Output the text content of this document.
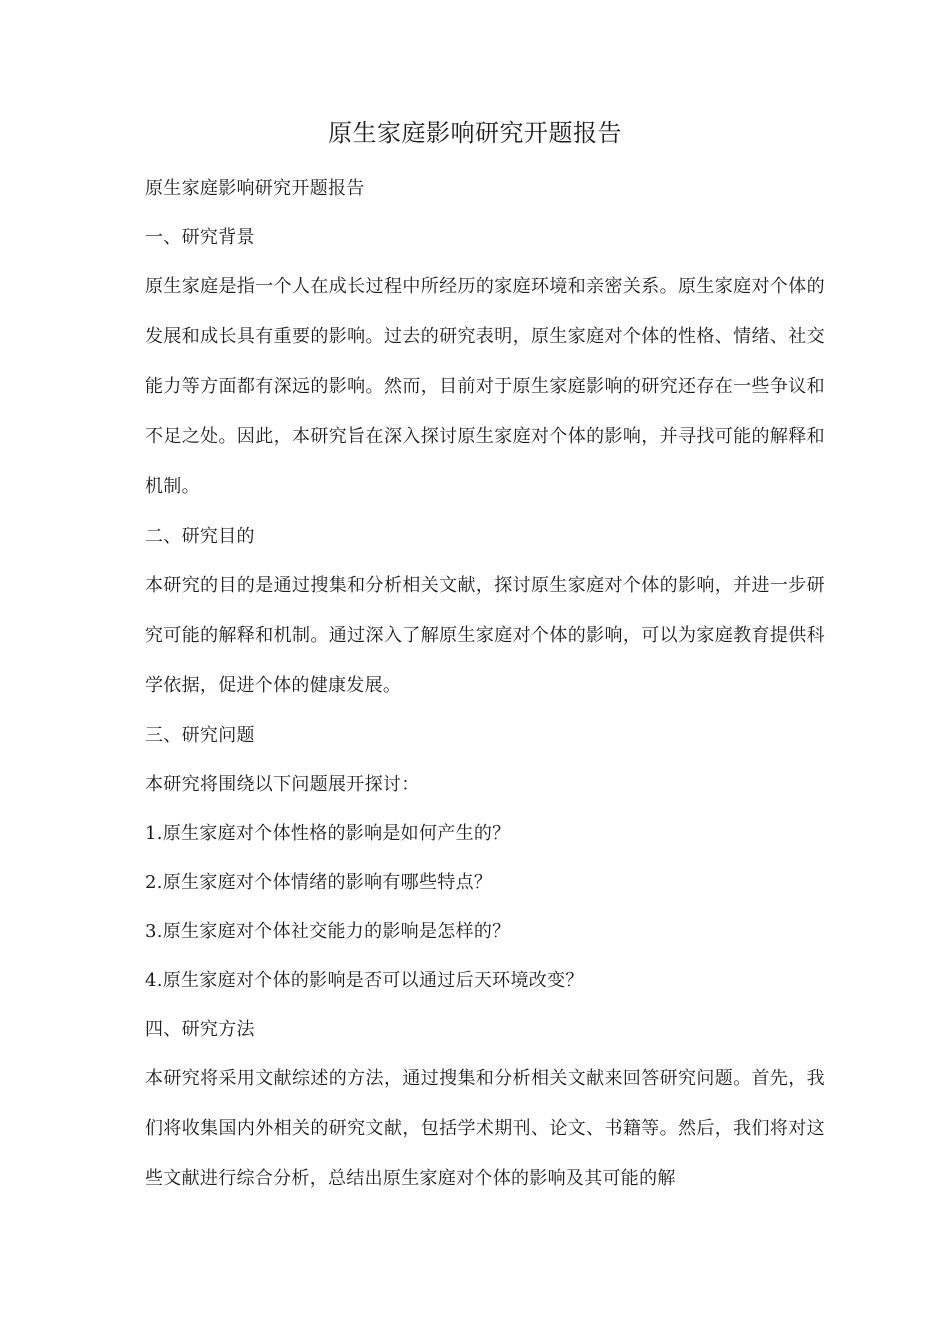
原生家庭影响研究开题报告
原生家庭影响研究开题报告
一、研究背景
原生家庭是指一个人在成长过程中所经历的家庭环境和亲密关系。原生家庭对个体的发展和成长具有重要的影响。过去的研究表明，原生家庭对个体的性格、情绪、社交能力等方面都有深远的影响。然而，目前对于原生家庭影响的研究还存在一些争议和不足之处。因此，本研究旨在深入探讨原生家庭对个体的影响，并寻找可能的解释和机制。
二、研究目的
本研究的目的是通过搜集和分析相关文献，探讨原生家庭对个体的影响，并进一步研究可能的解释和机制。通过深入了解原生家庭对个体的影响，可以为家庭教育提供科学依据，促进个体的健康发展。
三、研究问题
本研究将围绕以下问题展开探讨：
1.原生家庭对个体性格的影响是如何产生的？
2.原生家庭对个体情绪的影响有哪些特点？
3.原生家庭对个体社交能力的影响是怎样的？
4.原生家庭对个体的影响是否可以通过后天环境改变？
四、研究方法
本研究将采用文献综述的方法，通过搜集和分析相关文献来回答研究问题。首先，我们将收集国内外相关的研究文献，包括学术期刊、论文、书籍等。然后，我们将对这些文献进行综合分析，总结出原生家庭对个体的影响及其可能的解
